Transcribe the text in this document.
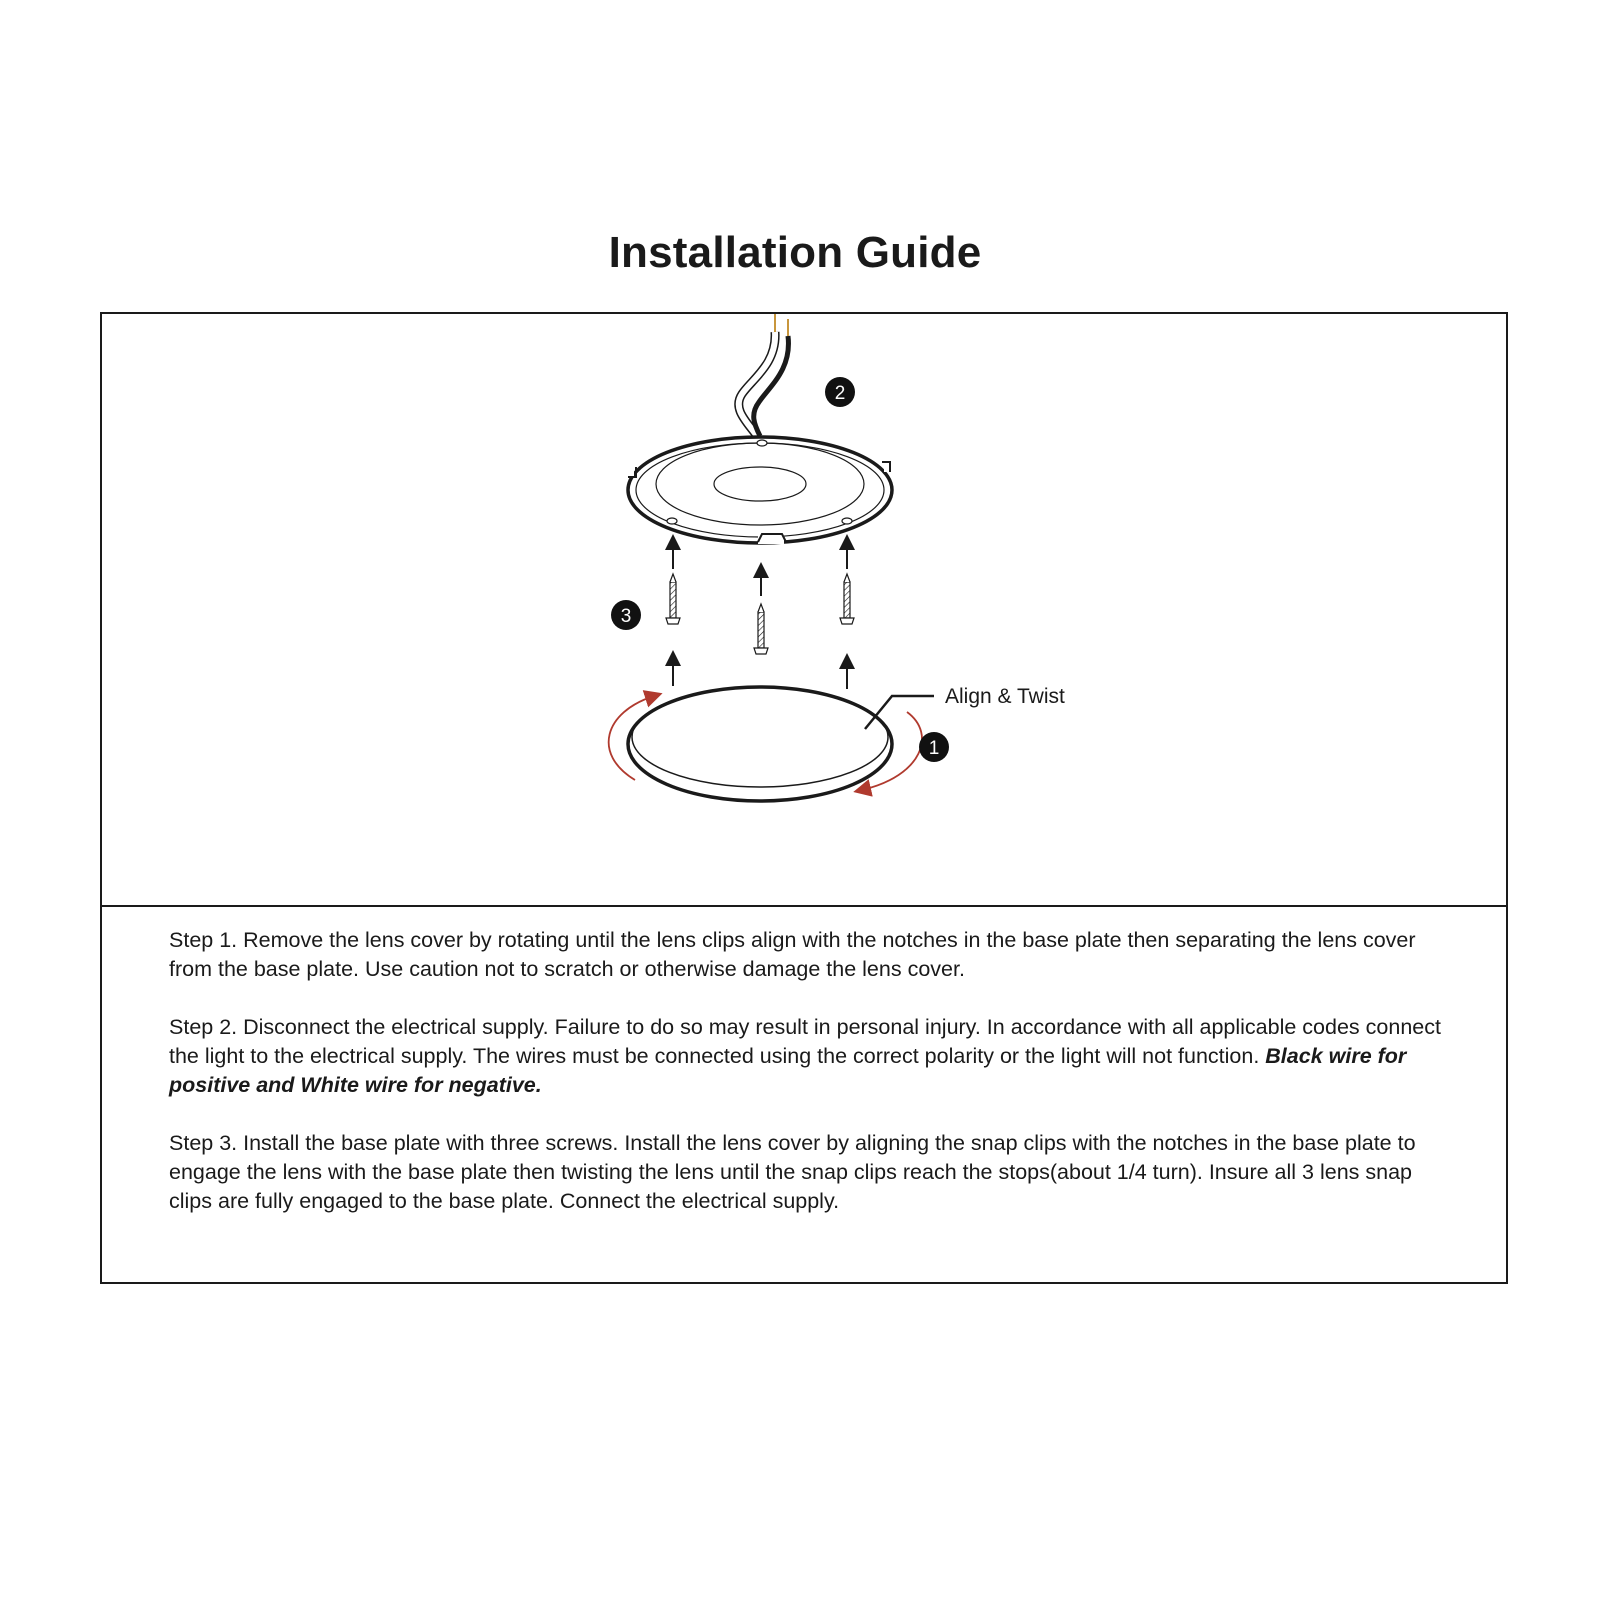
Installation Guide
Align & Twist
2
3
1

Step 1. Remove the lens cover by rotating until the lens clips align with the notches in the base plate then separating the lens cover from the base plate. Use caution not to scratch or otherwise damage the lens cover.

Step 2. Disconnect the electrical supply. Failure to do so may result in personal injury. In accordance with all applicable codes connect the light to the electrical supply. The wires must be connected using the correct polarity or the light will not function. Black wire for positive and White wire for negative.

Step 3. Install the base plate with three screws. Install the lens cover by aligning the snap clips with the notches in the base plate to engage the lens with the base plate then twisting the lens until the snap clips reach the stops(about 1/4 turn). Insure all 3 lens snap clips are fully engaged to the base plate. Connect the electrical supply.
